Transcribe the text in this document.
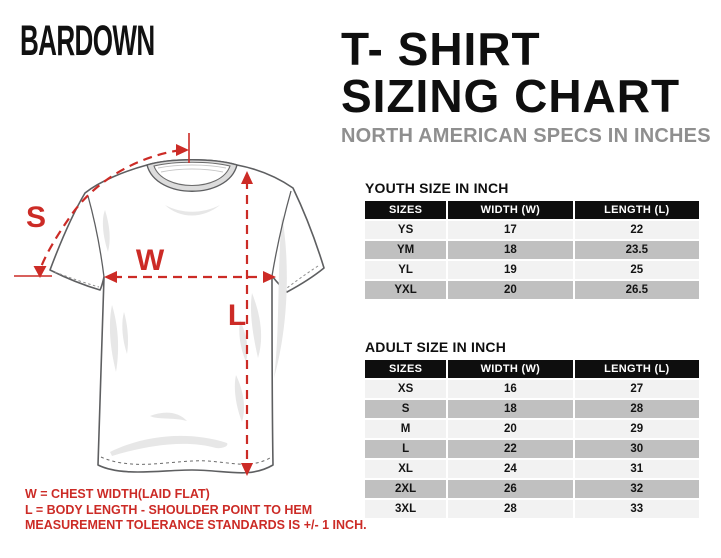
BARDOWN	T- SHIRT
SIZING CHART
NORTH AMERICAN SPECS IN INCHES
S
W
L
YOUTH SIZE IN INCH
SIZES	WIDTH (W)	LENGTH (L)
YS	17	22
YM	18	23.5
YL	19	25
YXL	20	26.5
ADULT SIZE IN INCH
SIZES	WIDTH (W)	LENGTH (L)
XS	16	27
S	18	28
M	20	29
L	22	30
XL	24	31
2XL	26	32
3XL	28	33
W = CHEST WIDTH(LAID FLAT)
L = BODY LENGTH - SHOULDER POINT TO HEM
MEASUREMENT TOLERANCE STANDARDS IS +/- 1 INCH.
